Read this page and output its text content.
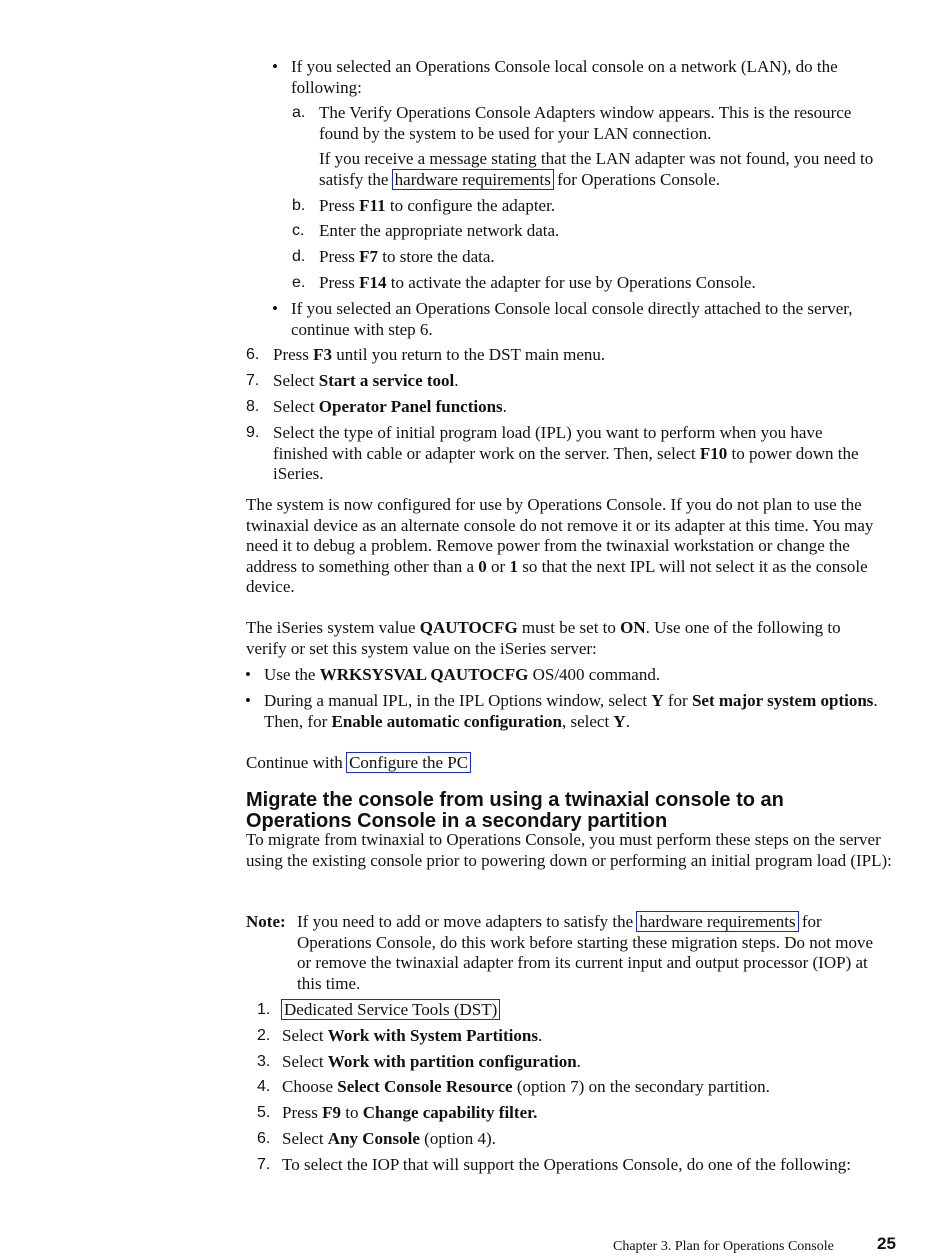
• If you selected an Operations Console local console on a network (LAN), do the following:
a. The Verify Operations Console Adapters window appears. This is the resource found by the system to be used for your LAN connection.
If you receive a message stating that the LAN adapter was not found, you need to satisfy the hardware requirements for Operations Console.
b. Press F11 to configure the adapter.
c. Enter the appropriate network data.
d. Press F7 to store the data.
e. Press F14 to activate the adapter for use by Operations Console.
• If you selected an Operations Console local console directly attached to the server, continue with step 6.
6. Press F3 until you return to the DST main menu.
7. Select Start a service tool.
8. Select Operator Panel functions.
9. Select the type of initial program load (IPL) you want to perform when you have finished with cable or adapter work on the server. Then, select F10 to power down the iSeries.
The system is now configured for use by Operations Console. If you do not plan to use the twinaxial device as an alternate console do not remove it or its adapter at this time. You may need it to debug a problem. Remove power from the twinaxial workstation or change the address to something other than a 0 or 1 so that the next IPL will not select it as the console device.
The iSeries system value QAUTOCFG must be set to ON. Use one of the following to verify or set this system value on the iSeries server:
• Use the WRKSYSVAL QAUTOCFG OS/400 command.
• During a manual IPL, in the IPL Options window, select Y for Set major system options. Then, for Enable automatic configuration, select Y.
Continue with Configure the PC
Migrate the console from using a twinaxial console to an Operations Console in a secondary partition
To migrate from twinaxial to Operations Console, you must perform these steps on the server using the existing console prior to powering down or performing an initial program load (IPL):
Note: If you need to add or move adapters to satisfy the hardware requirements for Operations Console, do this work before starting these migration steps. Do not move or remove the twinaxial adapter from its current input and output processor (IOP) at this time.
1. Dedicated Service Tools (DST)
2. Select Work with System Partitions.
3. Select Work with partition configuration.
4. Choose Select Console Resource (option 7) on the secondary partition.
5. Press F9 to Change capability filter.
6. Select Any Console (option 4).
7. To select the IOP that will support the Operations Console, do one of the following:
Chapter 3. Plan for Operations Console	25
